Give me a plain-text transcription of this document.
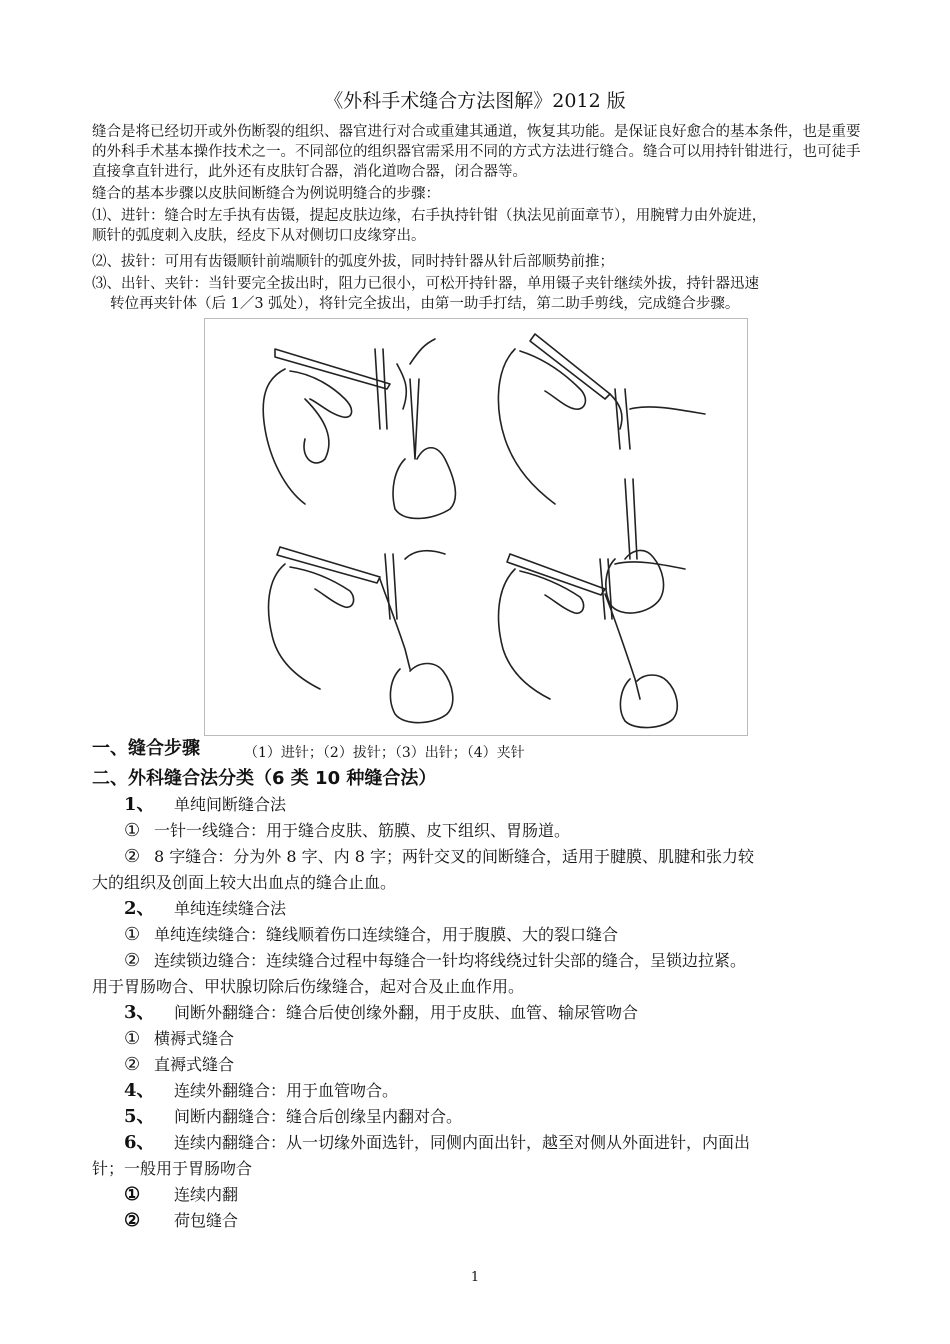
《外科手术缝合方法图解》2012 版
缝合是将已经切开或外伤断裂的组织、器官进行对合或重建其通道，恢复其功能。是保证良好愈合的基本条件，也是重要的外科手术基本操作技术之一。不同部位的组织器官需采用不同的方式方法进行缝合。缝合可以用持针钳进行，也可徒手直接拿直针进行，此外还有皮肤钉合器，消化道吻合器，闭合器等。
缝合的基本步骤以皮肤间断缝合为例说明缝合的步骤：
⑴、进针：缝合时左手执有齿镊，提起皮肤边缘，右手执持针钳（执法见前面章节），用腕臂力由外旋进，
顺针的弧度刺入皮肤，经皮下从对侧切口皮缘穿出。
⑵、拔针：可用有齿镊顺针前端顺针的弧度外拔，同时持针器从针后部顺势前推；
⑶、出针、夹针：当针要完全拔出时，阻力已很小，可松开持针器，单用镊子夹针继续外拔，持针器迅速
转位再夹针体（后 1／3 弧处），将针完全拔出，由第一助手打结，第二助手剪线，完成缝合步骤。
一、缝合步骤	（1）进针；（2）拔针；（3）出针；（4）夹针
二、外科缝合法分类（6 类 10 种缝合法）
1、 单纯间断缝合法
① 一针一线缝合：用于缝合皮肤、筋膜、皮下组织、胃肠道。
② 8 字缝合：分为外 8 字、内 8 字；两针交叉的间断缝合，适用于腱膜、肌腱和张力较
大的组织及创面上较大出血点的缝合止血。
2、 单纯连续缝合法
① 单纯连续缝合：缝线顺着伤口连续缝合，用于腹膜、大的裂口缝合
② 连续锁边缝合：连续缝合过程中每缝合一针均将线绕过针尖部的缝合，呈锁边拉紧。
用于胃肠吻合、甲状腺切除后伤缘缝合，起对合及止血作用。
3、 间断外翻缝合：缝合后使创缘外翻，用于皮肤、血管、输尿管吻合
① 横褥式缝合
② 直褥式缝合
4、 连续外翻缝合：用于血管吻合。
5、 间断内翻缝合：缝合后创缘呈内翻对合。
6、 连续内翻缝合：从一切缘外面选针，同侧内面出针，越至对侧从外面进针，内面出
针；一般用于胃肠吻合
① 连续内翻
② 荷包缝合
1
